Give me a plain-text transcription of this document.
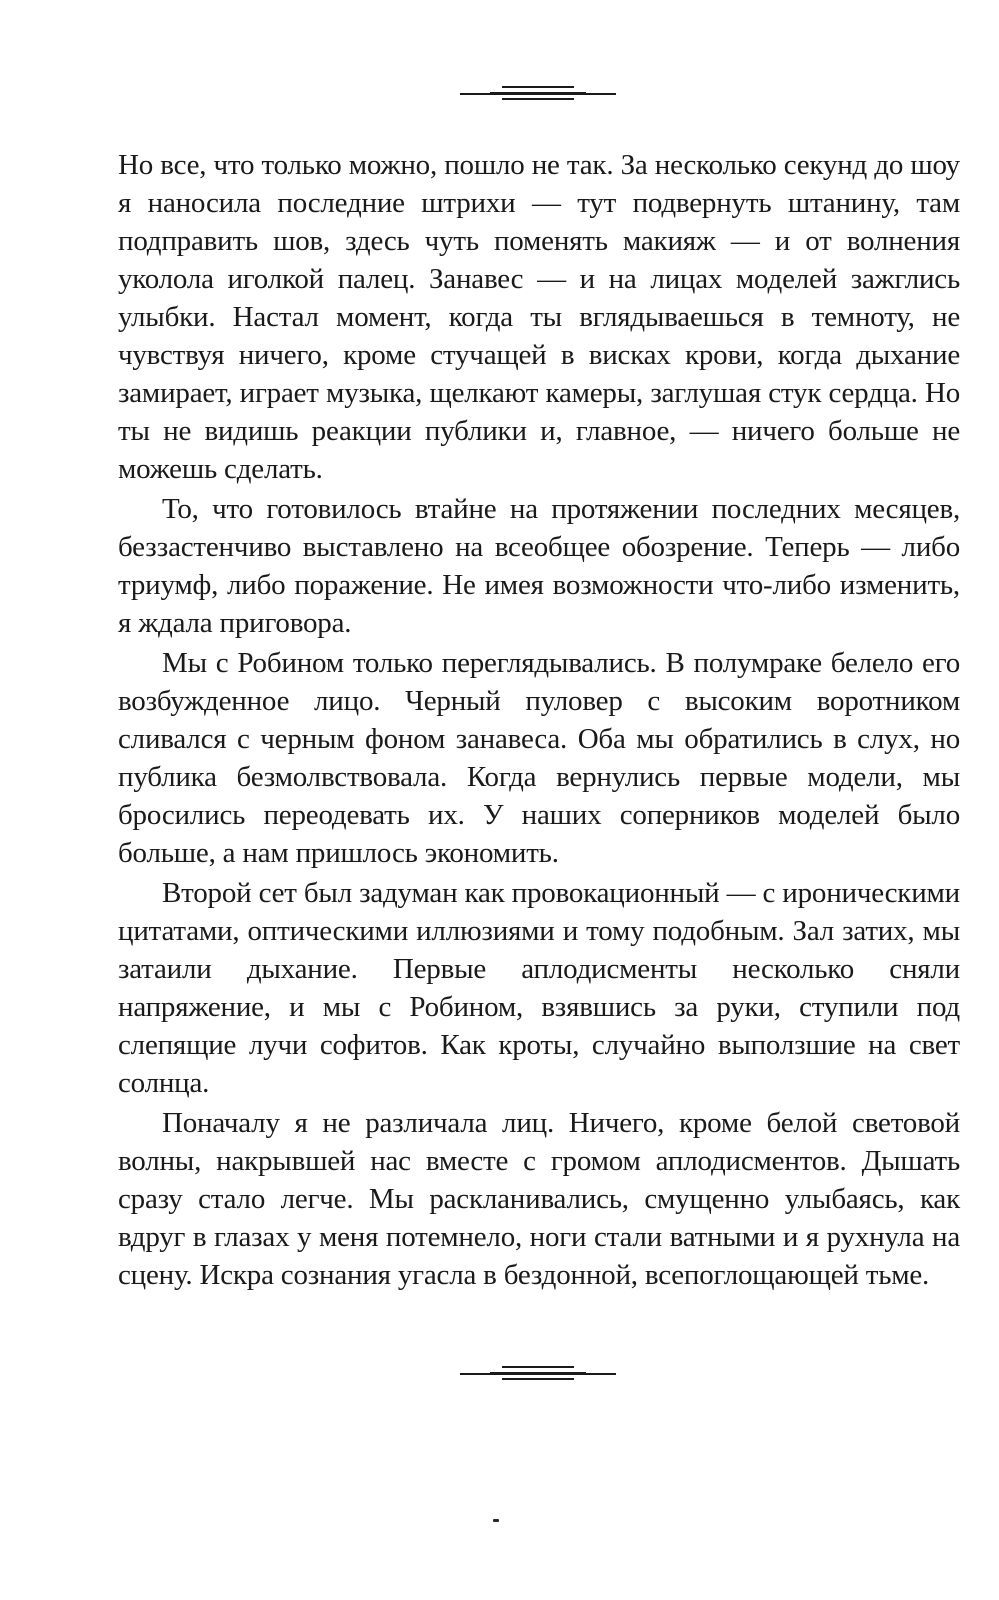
Но все, что только можно, пошло не так. За несколько секунд до шоу я наносила последние штрихи — тут подвернуть штанину, там подправить шов, здесь чуть поменять макияж — и от волнения уколола иголкой палец. Занавес — и на лицах моделей зажглись улыбки. Настал момент, когда ты вглядываешься в темноту, не чувствуя ничего, кроме стучащей в висках крови, когда дыхание замирает, играет музыка, щелкают камеры, заглушая стук сердца. Но ты не видишь реакции публики и, главное, — ничего больше не можешь сделать.

То, что готовилось втайне на протяжении последних месяцев, беззастенчиво выставлено на всеобщее обозрение. Теперь — либо триумф, либо поражение. Не имея возможности что-либо изменить, я ждала приговора.

Мы с Робином только переглядывались. В полумраке белело его возбужденное лицо. Черный пуловер с высоким воротником сливался с черным фоном занавеса. Оба мы обратились в слух, но публика безмолвствовала. Когда вернулись первые модели, мы бросились переодевать их. У наших соперников моделей было больше, а нам пришлось экономить.

Второй сет был задуман как провокационный — с ироническими цитатами, оптическими иллюзиями и тому подобным. Зал затих, мы затаили дыхание. Первые аплодисменты несколько сняли напряжение, и мы с Робином, взявшись за руки, ступили под слепящие лучи софитов. Как кроты, случайно выползшие на свет солнца.

Поначалу я не различала лиц. Ничего, кроме белой световой волны, накрывшей нас вместе с громом аплодисментов. Дышать сразу стало легче. Мы раскланивались, смущенно улыбаясь, как вдруг в глазах у меня потемнело, ноги стали ватными и я рухнула на сцену. Искра сознания угасла в бездонной, всепоглощающей тьме.
